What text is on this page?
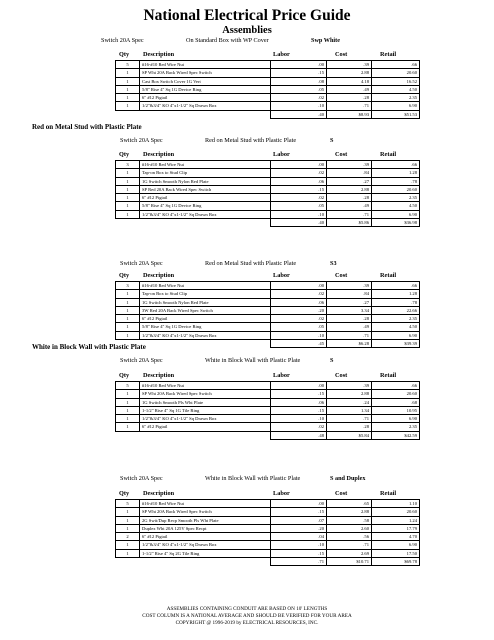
National Electrical Price Guide
Assemblies
Switch 20A Spec	On Standard Box with WP Cover	Swp White
Qty Description	Labor	Cost	Retail
5	#16-#10 Red Wire Nut	.00	.39	.66
1	SP Wht 20A Back Wired Spec Switch	.15	2.88	20.60
1	Cast Box Switch Cover 1G Vert	.08	4.18	16.52
1	5/8" Rise 4" Sq 1G Device Ring	.05	.49	4.50
1	6" #12 Pigtail	.02	.28	2.35
1	1/2"&3/4" KO 4"x1-1/2" Sq Drawn Box	.10	.71	6.90
		.40	$8.93	$51.53
Red on Metal Stud with Plastic Plate
Switch 20A Spec	Red on Metal Stud with Plastic Plate	S
Qty Description	Labor	Cost	Retail
3	#16-#10 Red Wire Nut	.00	.39	.66
1	Tap-on Box to Stud Clip	.02	.84	1.28
1	1G Switch Smooth Nylon Red Plate	.06	.27	.78
1	SP Red 20A Back Wired Spec Switch	.15	2.88	20.60
1	6" #12 Pigtail	.02	.28	2.35
1	5/8" Rise 4" Sq 1G Device Ring	.05	.49	4.50
1	1/2"&3/4" KO 4"x1-1/2" Sq Drawn Box	.10	.71	6.90
		.40	$5.86	$36.98
Switch 20A Spec	Red on Metal Stud with Plastic Plate	S3
Qty Description	Labor	Cost	Retail
3	#16-#10 Red Wire Nut	.00	.39	.66
1	Tap-on Box to Stud Clip	.02	.84	1.28
1	1G Switch Smooth Nylon Red Plate	.06	.27	.78
1	3W Red 20A Back Wired Spec Switch	.20	3.34	22.66
1	6" #12 Pigtail	.02	.28	2.35
1	5/8" Rise 4" Sq 1G Device Ring	.05	.49	4.50
1	1/2"&3/4" KO 4"x1-1/2" Sq Drawn Box	.10	.71	6.90
		.45	$6.28	$39.39
White in Block Wall with Plastic Plate
Switch 20A Spec	White in Block Wall with Plastic Plate	S
Qty Description	Labor	Cost	Retail
5	#16-#10 Red Wire Nut	.00	.39	.66
1	SP Wht 20A Back Wired Spec Switch	.15	2.88	20.60
1	1G Switch Smooth Pls Wht Plate	.06	.24	.68
1	1-1/2" Rise 4" Sq 1G Tile Ring	.15	1.34	10.95
1	1/2"&3/4" KO 4"x1-1/2" Sq Drawn Box	.10	.71	6.90
1	6" #12 Pigtail	.02	.28	2.35
		.48	$5.84	$42.59
Switch 20A Spec	White in Block Wall with Plastic Plate	S and Duplex
Qty Description	Labor	Cost	Retail
5	#16-#10 Red Wire Nut	.00	.65	1.10
1	SP Wht 20A Back Wired Spec Switch	.15	2.88	20.60
1	2G Swit/Dup Recp Smooth Pls Wht Plate	.07	.58	1.24
1	Duplex Wht 20A 125V Spec Recpt	.20	2.60	17.79
2	6" #12 Pigtail	.04	.56	4.70
1	1/2"&3/4" KO 4"x1-1/2" Sq Drawn Box	.10	.71	6.90
1	1-1/2" Rise 4" Sq 2G Tile Ring	.15	2.69	17.50
		.71	$10.71	$69.78
ASSEMBLIES CONTAINING CONDUIT ARE BASED ON 10' LENGTHS
COST COLUMN IS A NATIONAL AVERAGE AND SHOULD BE VERIFIED FOR YOUR AREA
COPYRIGHT @ 1996-2019 by ELECTRICAL RESOURCES, INC.
